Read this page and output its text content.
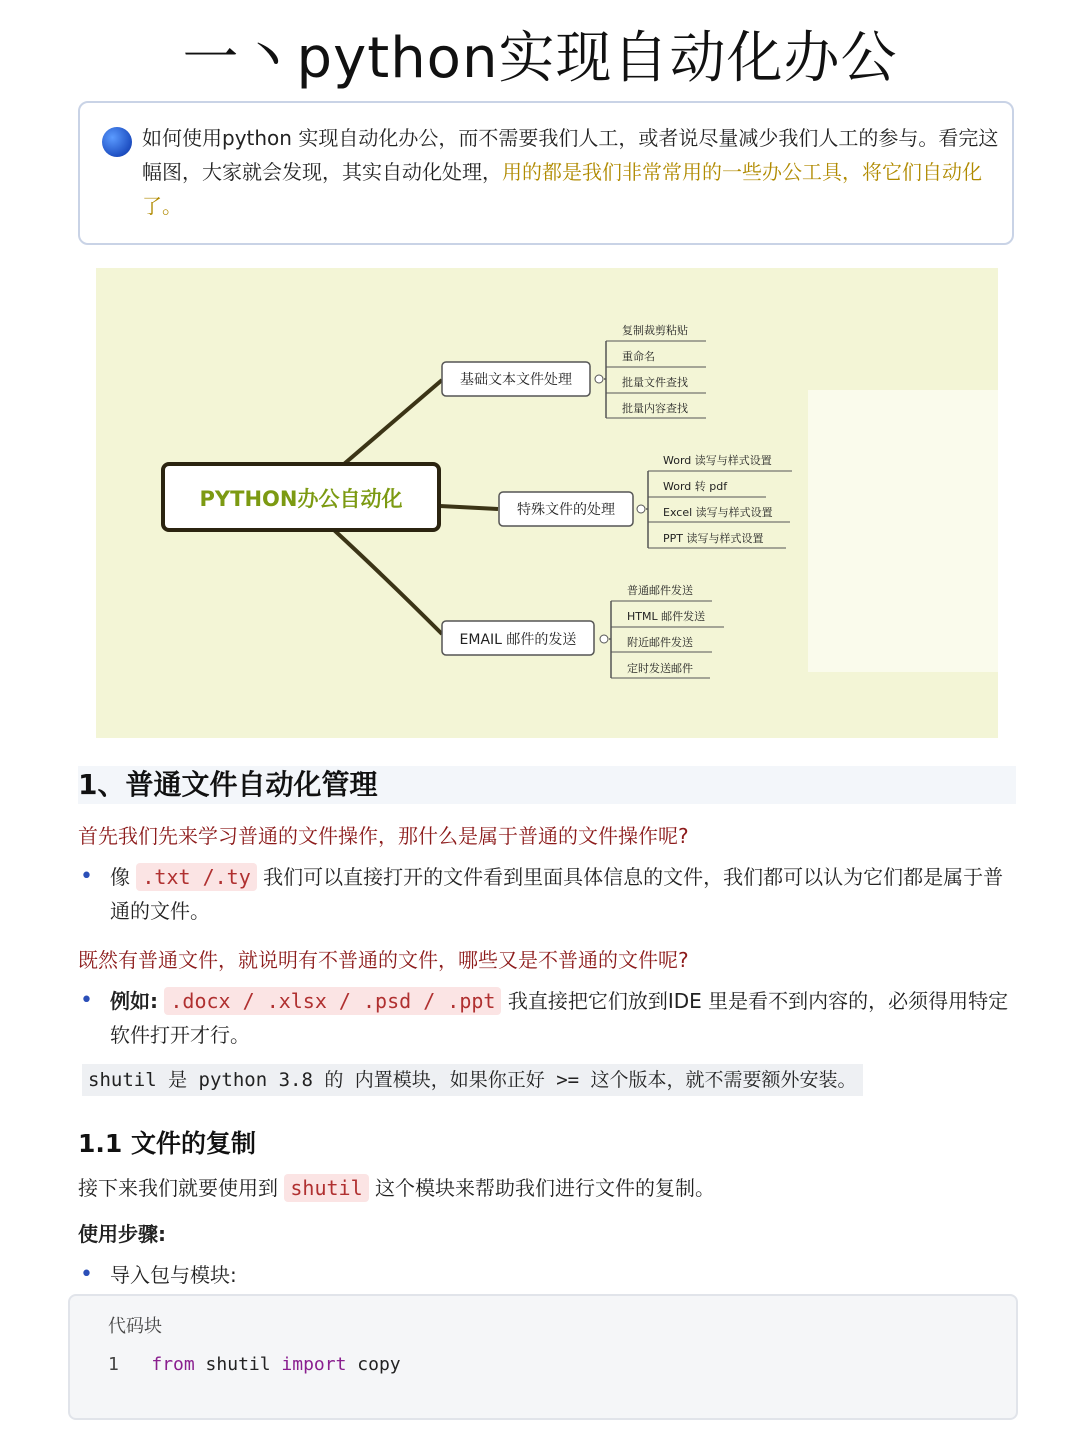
一丶python实现自动化办公
如何使用python 实现自动化办公，而不需要我们人工，或者说尽量减少我们人工的参与。看完这幅图，大家就会发现，其实自动化处理，用的都是我们非常常用的一些办公工具，将它们自动化了。
PYTHON办公自动化
基础文本文件处理
复制裁剪粘贴
重命名
批量文件查找
批量内容查找
特殊文件的处理
Word 读写与样式设置
Word 转 pdf
Excel 读写与样式设置
PPT 读写与样式设置
EMAIL 邮件的发送
普通邮件发送
HTML 邮件发送
附近邮件发送
定时发送邮件
1、普通文件自动化管理
首先我们先来学习普通的文件操作，那什么是属于普通的文件操作呢?
• 像 .txt /.ty 我们可以直接打开的文件看到里面具体信息的文件，我们都可以认为它们都是属于普通的文件。
既然有普通文件，就说明有不普通的文件，哪些又是不普通的文件呢?
• 例如: .docx / .xlsx / .psd / .ppt 我直接把它们放到IDE 里是看不到内容的，必须得用特定软件打开才行。
shutil 是 python 3.8 的 内置模块，如果你正好 >= 这个版本，就不需要额外安装。
1.1 文件的复制
接下来我们就要使用到 shutil 这个模块来帮助我们进行文件的复制。
使用步骤:
• 导入包与模块:
代码块
1 from shutil import copy
